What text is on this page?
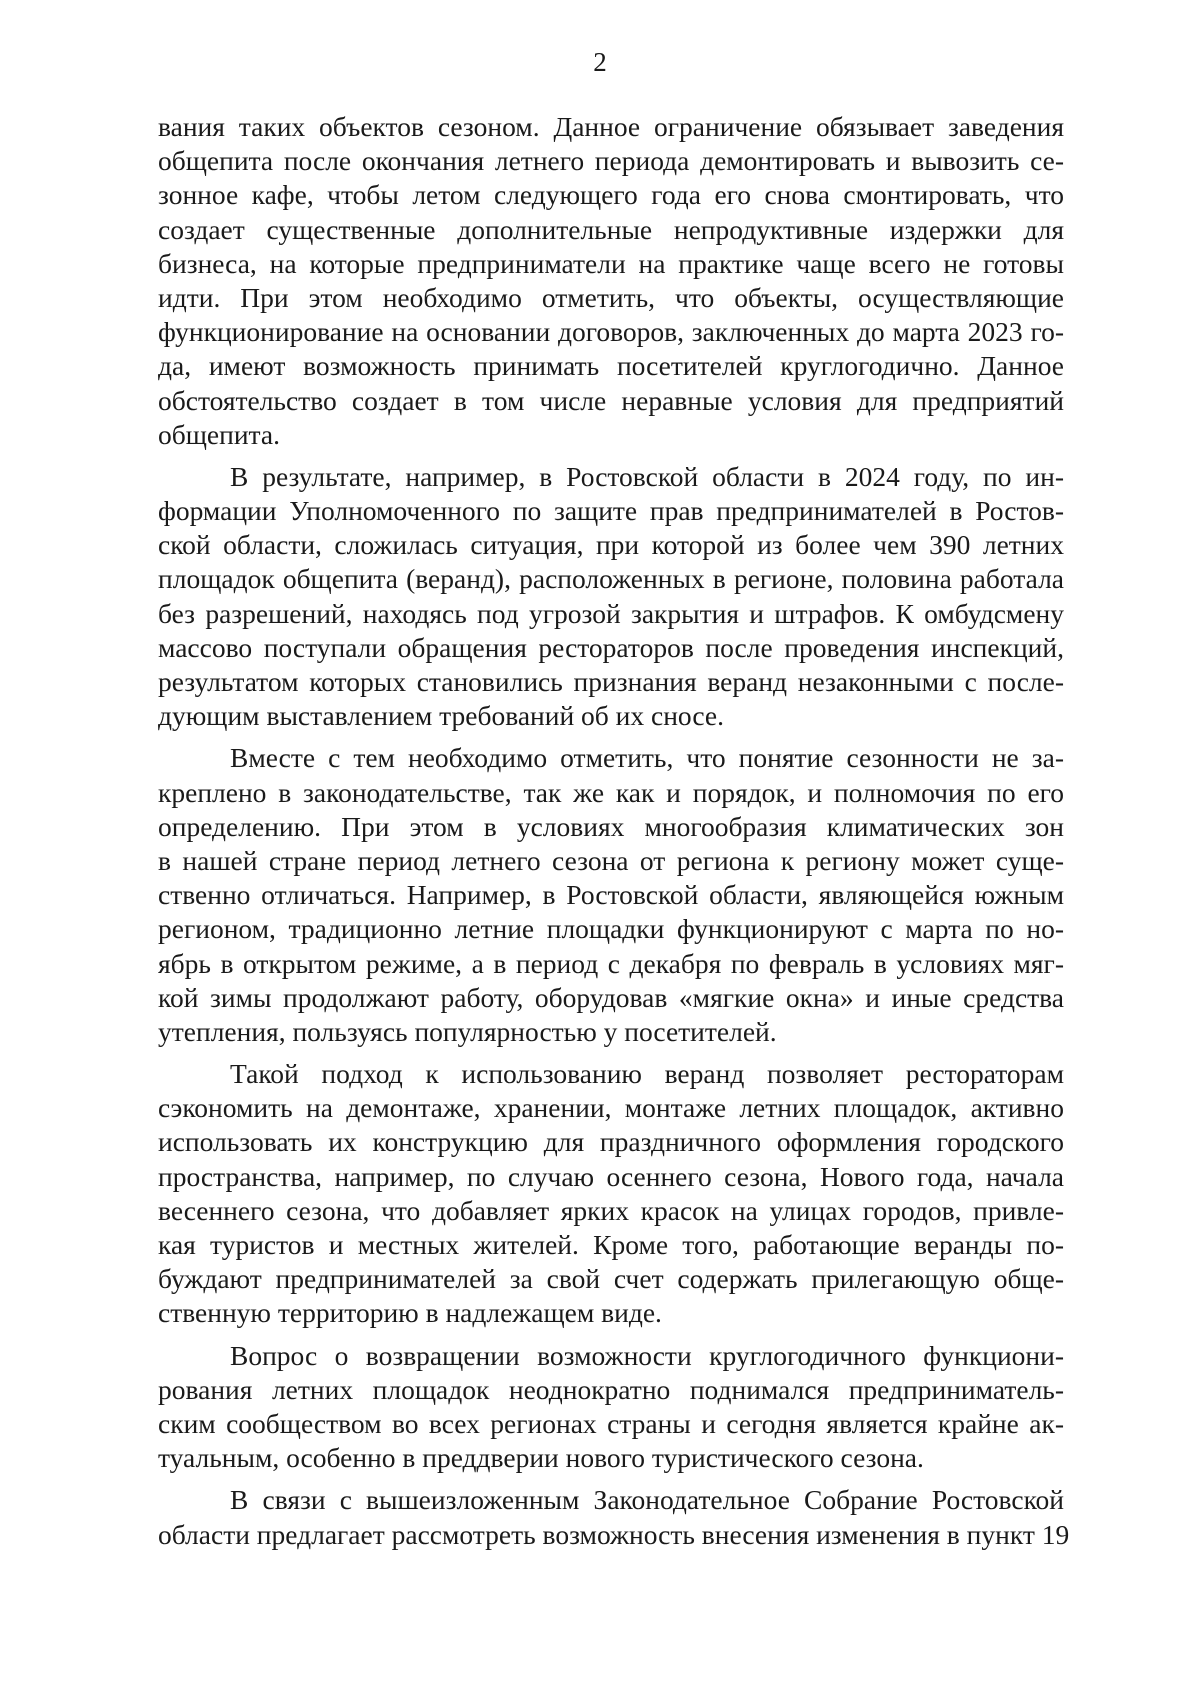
2
вания таких объектов сезоном. Данное ограничение обязывает заведения
общепита после окончания летнего периода демонтировать и вывозить се-
зонное кафе, чтобы летом следующего года его снова смонтировать, что
создает существенные дополнительные непродуктивные издержки для
бизнеса, на которые предприниматели на практике чаще всего не готовы
идти. При этом необходимо отметить, что объекты, осуществляющие
функционирование на основании договоров, заключенных до марта 2023 го-
да, имеют возможность принимать посетителей круглогодично. Данное
обстоятельство создает в том числе неравные условия для предприятий
общепита.
В результате, например, в Ростовской области в 2024 году, по ин-
формации Уполномоченного по защите прав предпринимателей в Ростов-
ской области, сложилась ситуация, при которой из более чем 390 летних
площадок общепита (веранд), расположенных в регионе, половина работала
без разрешений, находясь под угрозой закрытия и штрафов. К омбудсмену
массово поступали обращения рестораторов после проведения инспекций,
результатом которых становились признания веранд незаконными с после-
дующим выставлением требований об их сносе.
Вместе с тем необходимо отметить, что понятие сезонности не за-
креплено в законодательстве, так же как и порядок, и полномочия по его
определению. При этом в условиях многообразия климатических зон
в нашей стране период летнего сезона от региона к региону может суще-
ственно отличаться. Например, в Ростовской области, являющейся южным
регионом, традиционно летние площадки функционируют с марта по но-
ябрь в открытом режиме, а в период с декабря по февраль в условиях мяг-
кой зимы продолжают работу, оборудовав «мягкие окна» и иные средства
утепления, пользуясь популярностью у посетителей.
Такой подход к использованию веранд позволяет рестораторам
сэкономить на демонтаже, хранении, монтаже летних площадок, активно
использовать их конструкцию для праздничного оформления городского
пространства, например, по случаю осеннего сезона, Нового года, начала
весеннего сезона, что добавляет ярких красок на улицах городов, привле-
кая туристов и местных жителей. Кроме того, работающие веранды по-
буждают предпринимателей за свой счет содержать прилегающую обще-
ственную территорию в надлежащем виде.
Вопрос о возвращении возможности круглогодичного функциони-
рования летних площадок неоднократно поднимался предприниматель-
ским сообществом во всех регионах страны и сегодня является крайне ак-
туальным, особенно в преддверии нового туристического сезона.
В связи с вышеизложенным Законодательное Собрание Ростовской
области предлагает рассмотреть возможность внесения изменения в пункт 19
